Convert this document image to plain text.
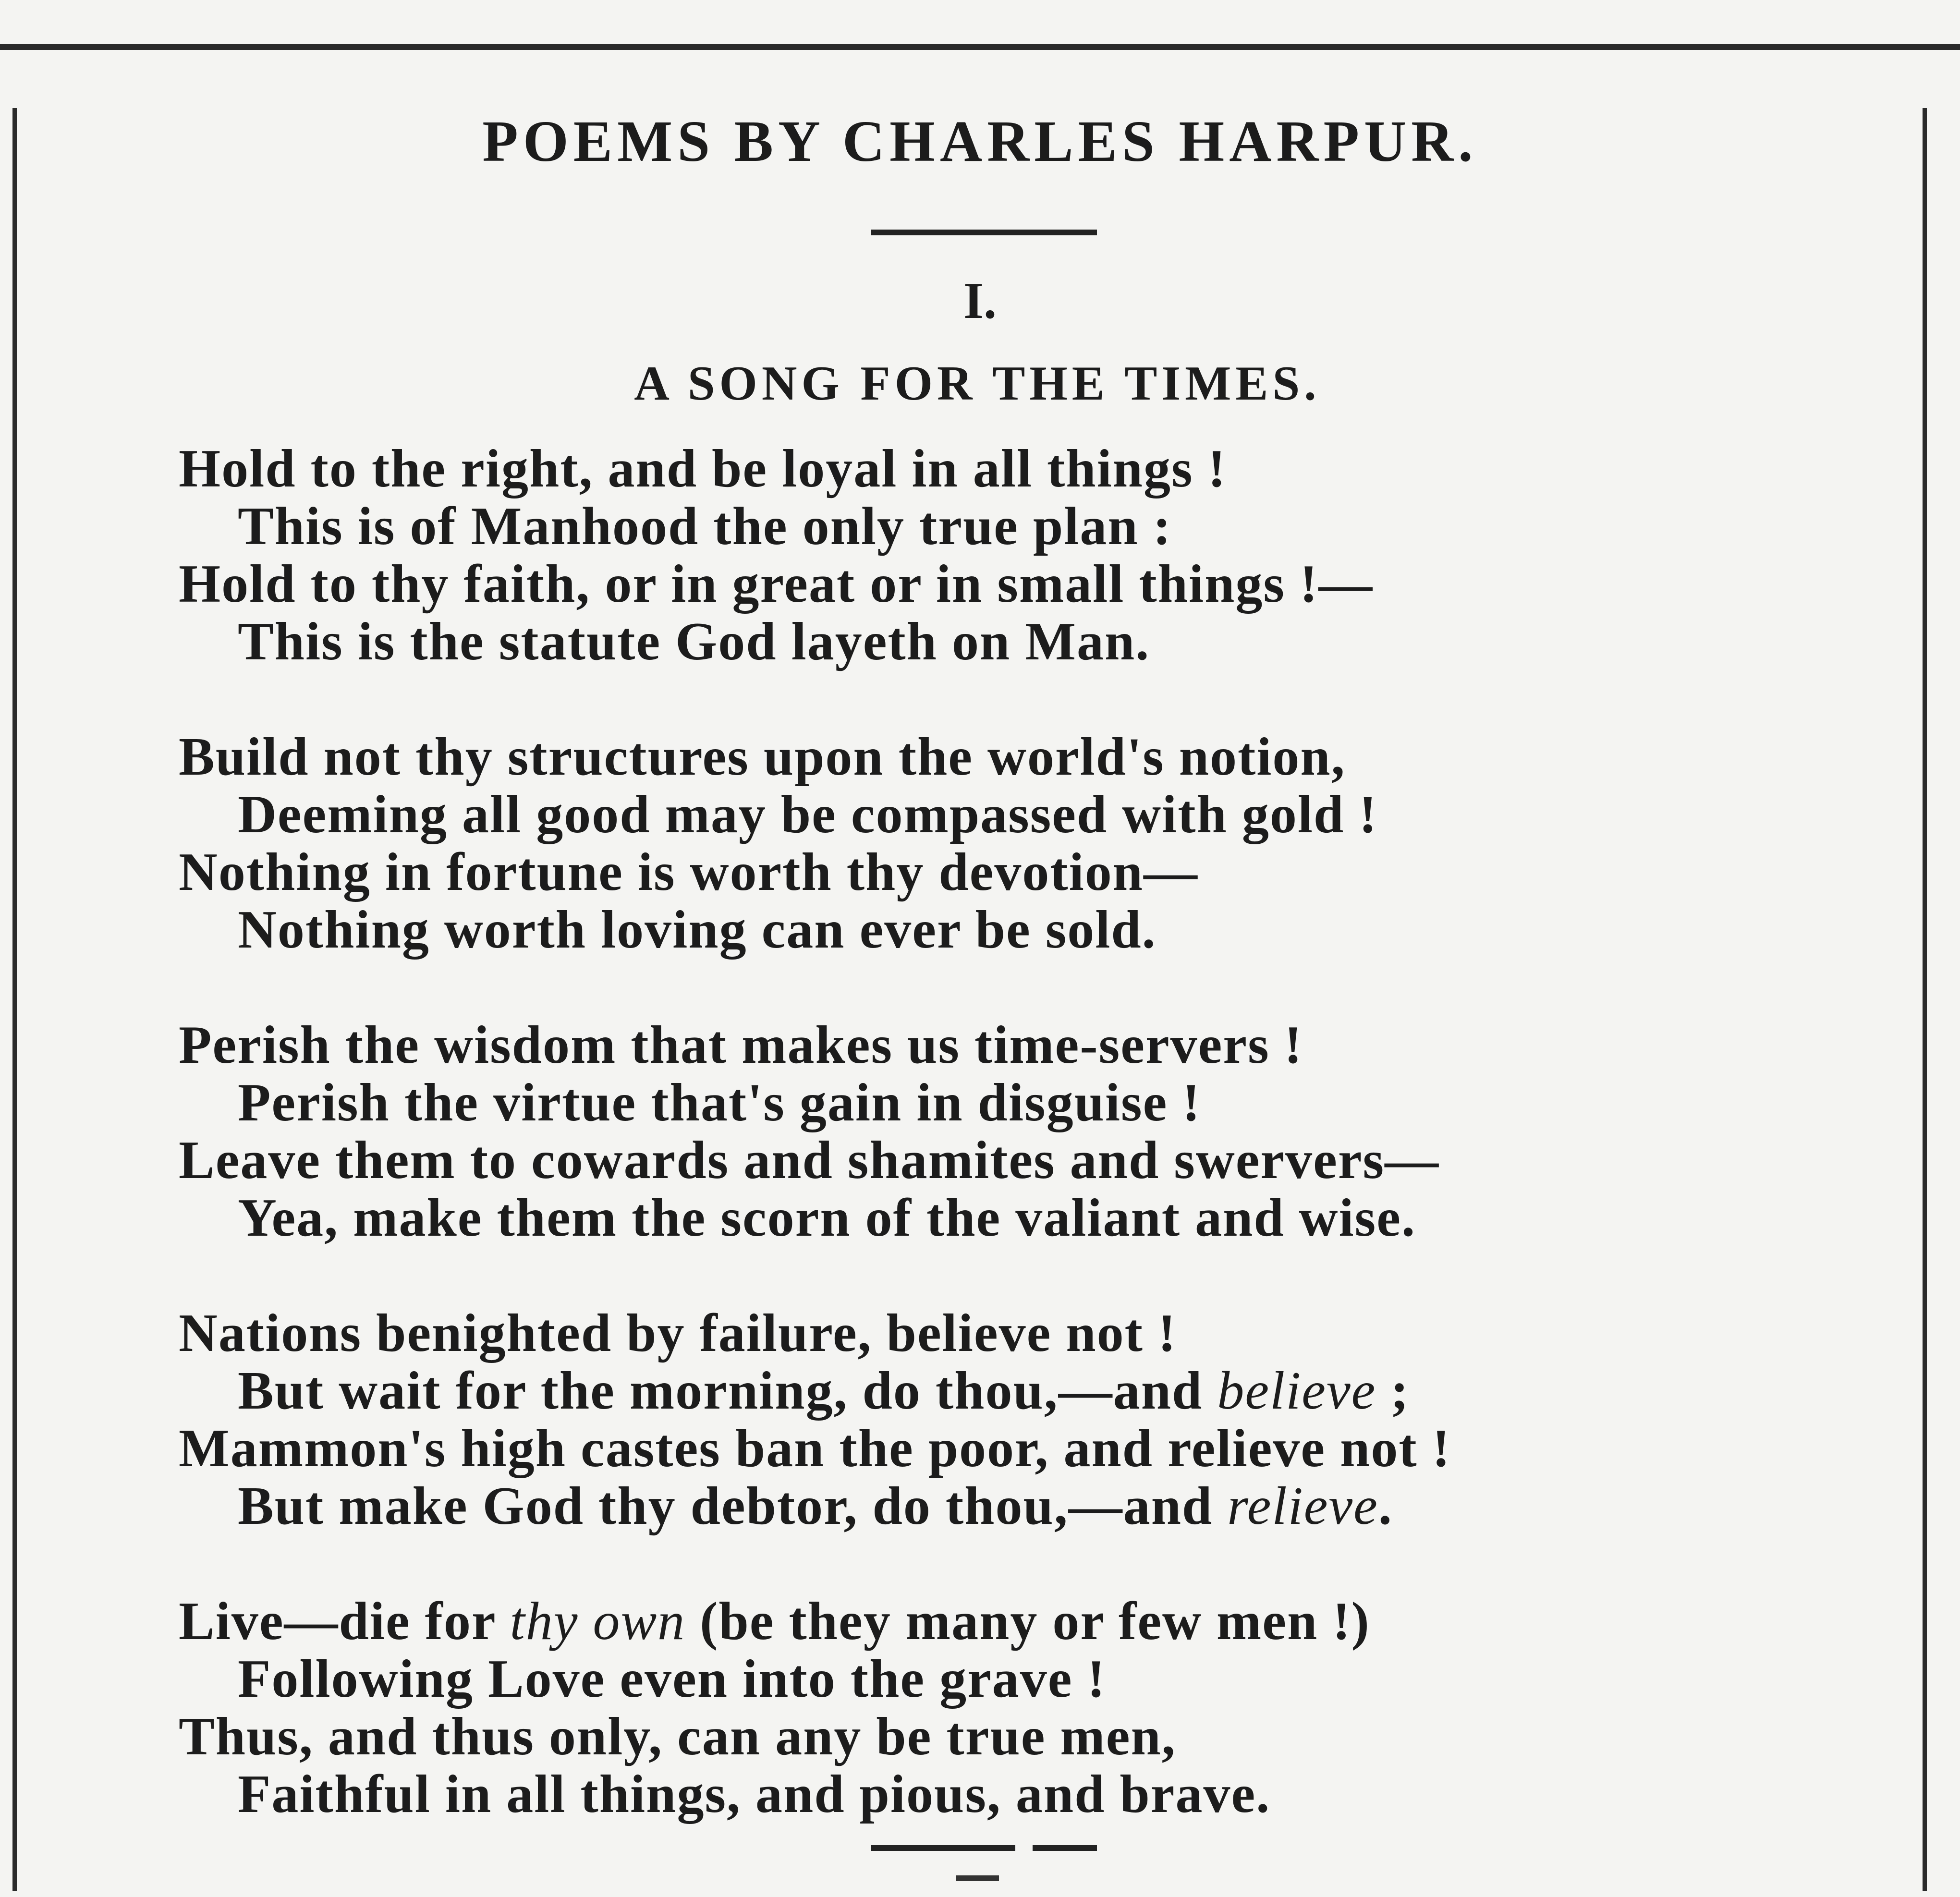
POEMS BY CHARLES HARPUR.
I.
A SONG FOR THE TIMES.
Hold to the right, and be loyal in all things !
This is of Manhood the only true plan :
Hold to thy faith, or in great or in small things !—
This is the statute God layeth on Man.
Build not thy structures upon the world's notion,
Deeming all good may be compassed with gold !
Nothing in fortune is worth thy devotion—
Nothing worth loving can ever be sold.
Perish the wisdom that makes us time-servers !
Perish the virtue that's gain in disguise !
Leave them to cowards and shamites and swervers—
Yea, make them the scorn of the valiant and wise.
Nations benighted by failure, believe not !
But wait for the morning, do thou,—and believe ;
Mammon's high castes ban the poor, and relieve not !
But make God thy debtor, do thou,—and relieve.
Live—die for thy own (be they many or few men !)
Following Love even into the grave !
Thus, and thus only, can any be true men,
Faithful in all things, and pious, and brave.
